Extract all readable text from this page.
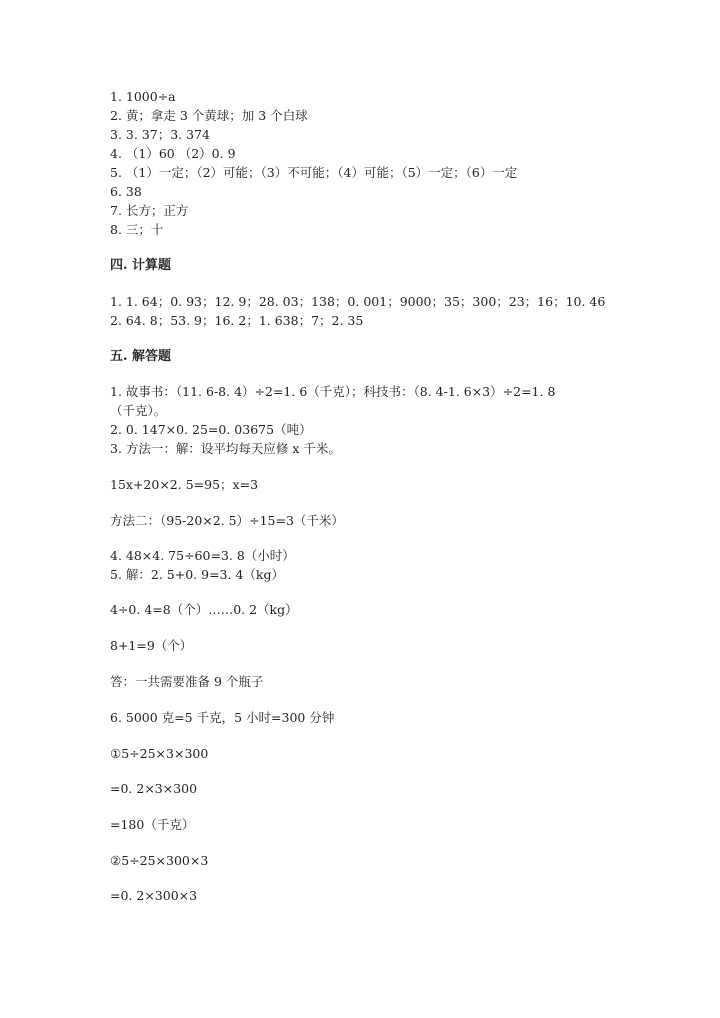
1. 1000÷a
2. 黄；拿走 3 个黄球；加 3 个白球
3. 3. 37；3. 374
4. （1）60 （2）0. 9
5. （1）一定；（2）可能；（3）不可能；（4）可能；（5）一定；（6）一定
6. 38
7. 长方；正方
8. 三；十
四. 计算题
1. 1. 64；0. 93；12. 9；28. 03；138；0. 001；9000；35；300；23；16；10. 46
2. 64. 8；53. 9；16. 2；1. 638；7；2. 35
五. 解答题
1. 故事书：（11. 6-8. 4）÷2=1. 6（千克）；科技书：（8. 4-1. 6×3）÷2=1. 8
（千克）。
2. 0. 147×0. 25=0. 03675（吨）
3. 方法一：解：设平均每天应修 x 千米。
15x+20×2. 5=95；x=3
方法二：（95-20×2. 5）÷15=3（千米）
4. 48×4. 75÷60=3. 8（小时）
5. 解：2. 5+0. 9=3. 4（kg）
4÷0. 4=8（个）……0. 2（kg）
8+1=9（个）
答：一共需要准备 9 个瓶子
6. 5000 克=5 千克，5 小时=300 分钟
①5÷25×3×300
=0. 2×3×300
=180（千克）
②5÷25×300×3
=0. 2×300×3
